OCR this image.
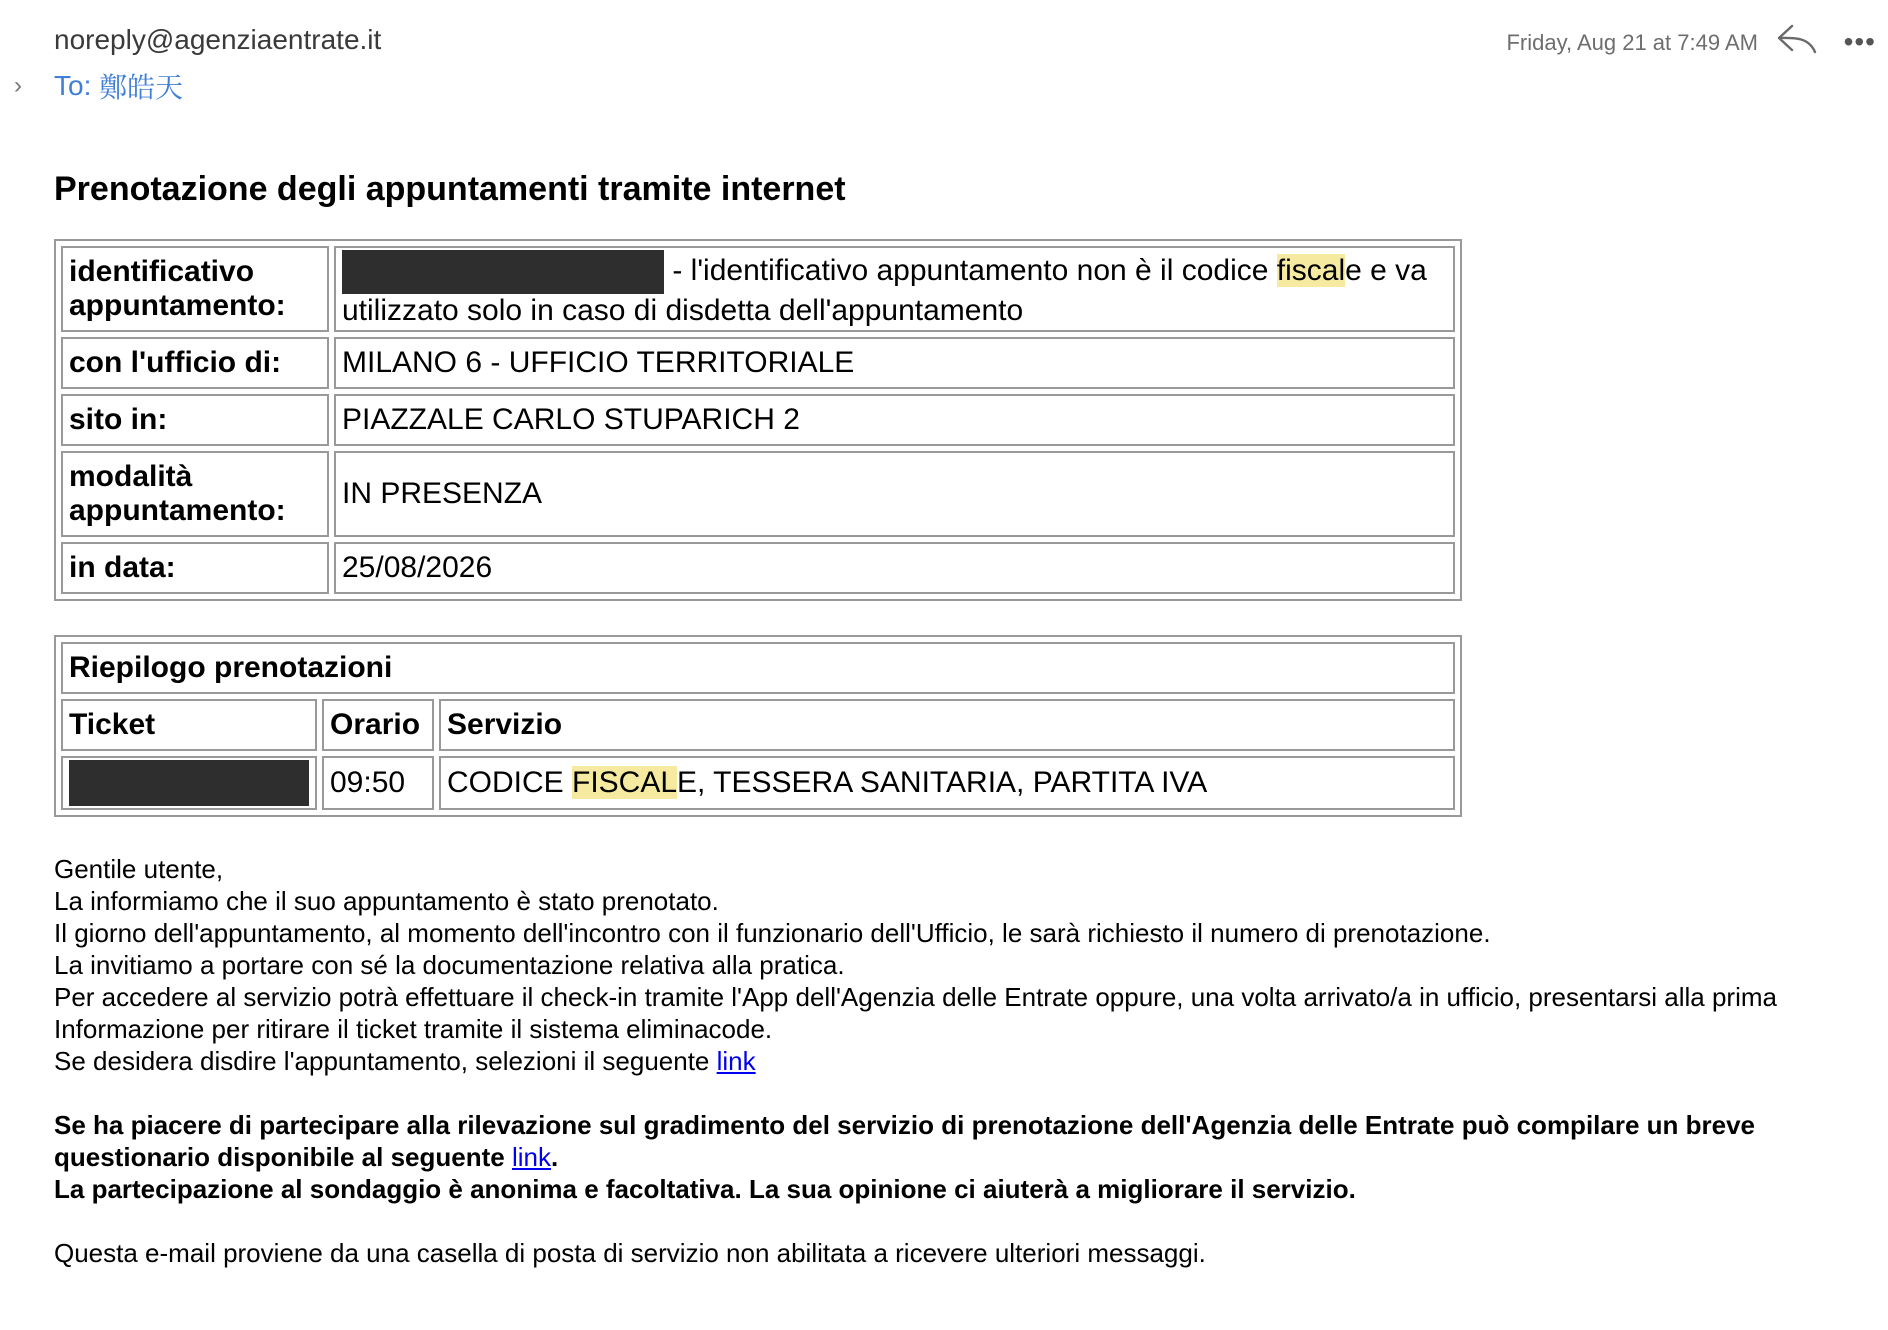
noreply@agenziaentrate.it
›	To:
鄭皓天
Friday, Aug 21 at 7:49 AM	•••
Prenotazione degli appuntamenti tramite internet
identificativo appuntamento:	- l'identificativo appuntamento non è il codice fiscale e va utilizzato solo in caso di disdetta dell'appuntamento
con l'ufficio di:	MILANO 6 - UFFICIO TERRITORIALE
sito in:	PIAZZALE CARLO STUPARICH 2
modalità appuntamento:	IN PRESENZA
in data:	25/08/2026
Riepilogo prenotazioni		
Ticket	Orario	Servizio

	09:50	CODICE FISCALE, TESSERA SANITARIA, PARTITA IVA

Gentile utente,

La informiamo che il suo appuntamento è stato prenotato.

Il giorno dell'appuntamento, al momento dell'incontro con il funzionario dell'Ufficio, le sarà richiesto il numero di prenotazione.

La invitiamo a portare con sé la documentazione relativa alla pratica.

Per accedere al servizio potrà effettuare il check-in tramite l'App dell'Agenzia delle Entrate oppure, una volta arrivato/a in ufficio, presentarsi alla prima Informazione per ritirare il ticket tramite il sistema eliminacode.

Se desidera disdire l'appuntamento, selezioni il seguente link

Se ha piacere di partecipare alla rilevazione sul gradimento del servizio di prenotazione dell'Agenzia delle Entrate può compilare un breve questionario disponibile al seguente link.

La partecipazione al sondaggio è anonima e facoltativa. La sua opinione ci aiuterà a migliorare il servizio.

Questa e-mail proviene da una casella di posta di servizio non abilitata a ricevere ulteriori messaggi.
